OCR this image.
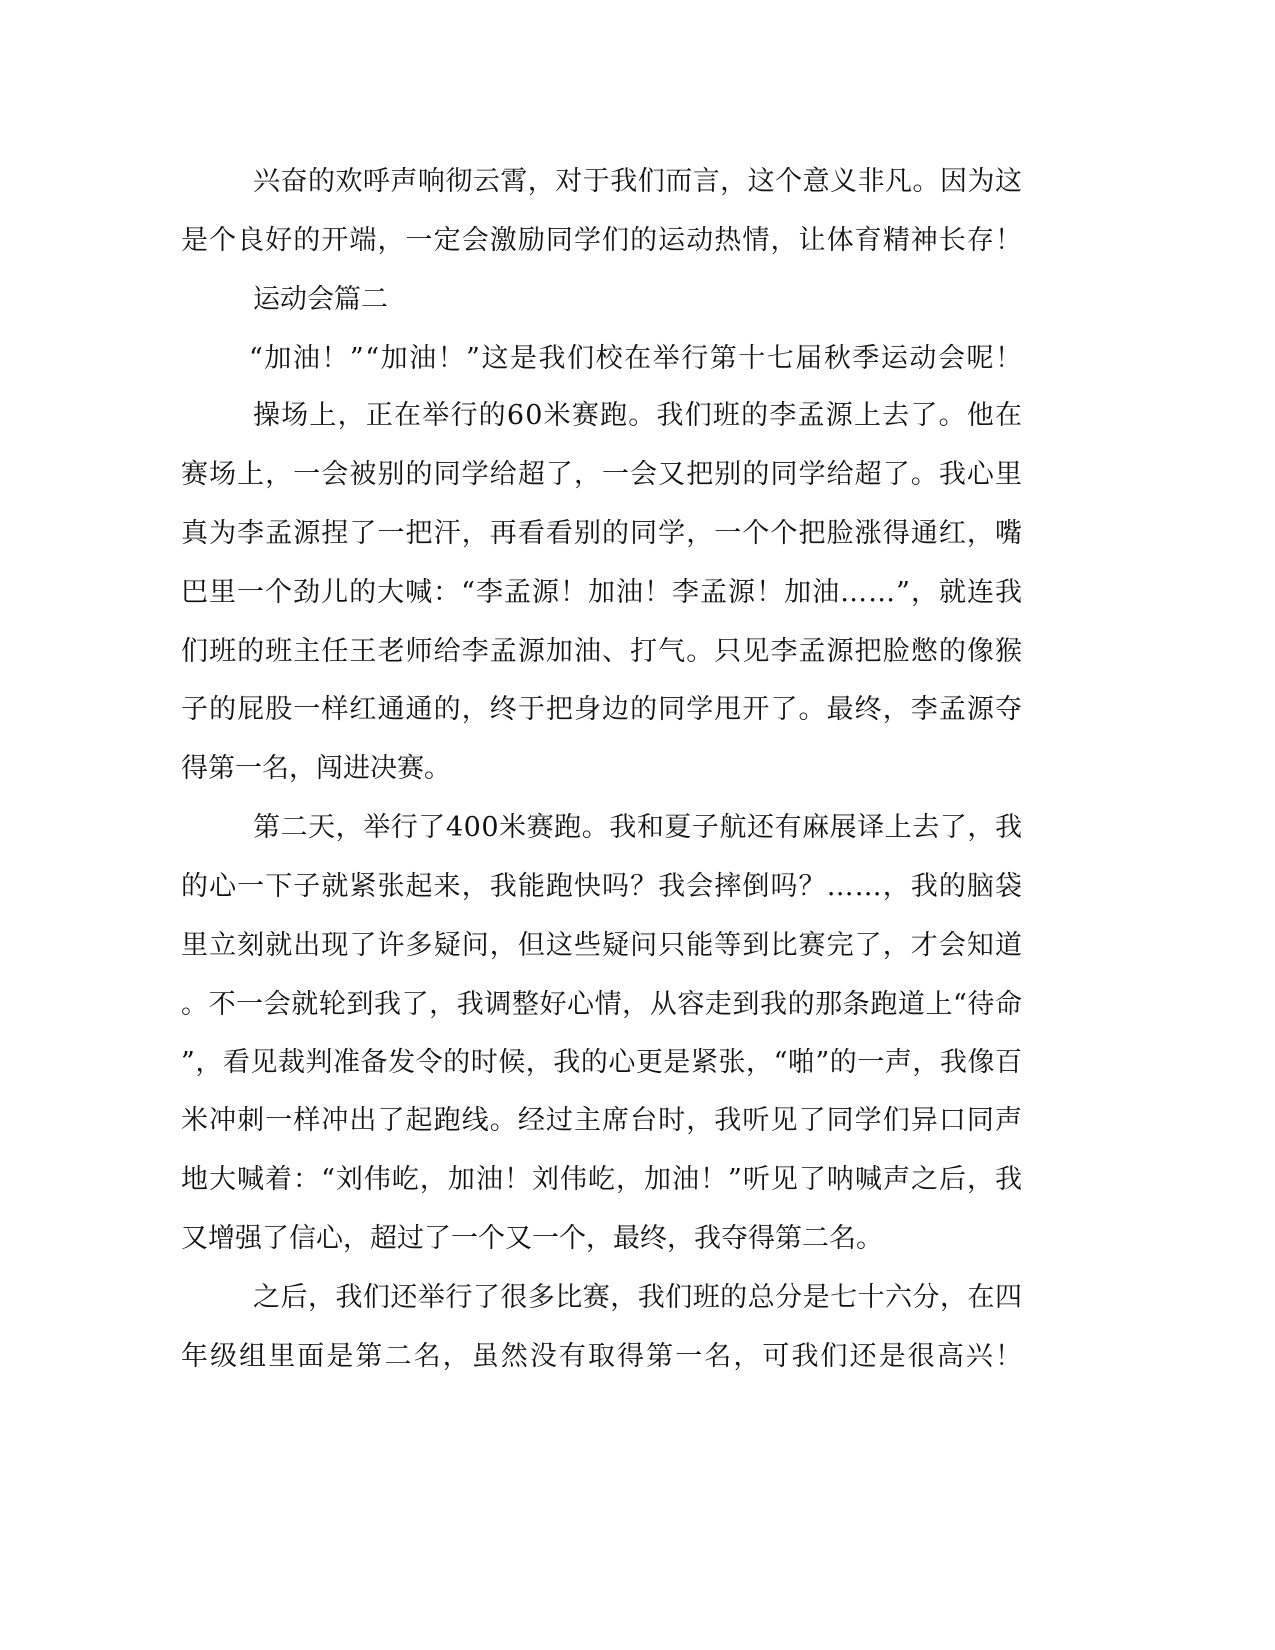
兴奋的欢呼声响彻云霄，对于我们而言，这个意义非凡。因为这

是个良好的开端，一定会激励同学们的运动热情，让体育精神长存！

运动会篇二

“加油！”“加油！”这是我们校在举行第十七届秋季运动会呢！

操场上，正在举行的60米赛跑。我们班的李孟源上去了。他在

赛场上，一会被别的同学给超了，一会又把别的同学给超了。我心里

真为李孟源捏了一把汗，再看看别的同学，一个个把脸涨得通红，嘴

巴里一个劲儿的大喊：“李孟源！加油！李孟源！加油……”，就连我

们班的班主任王老师给李孟源加油、打气。只见李孟源把脸憋的像猴

子的屁股一样红通通的，终于把身边的同学甩开了。最终，李孟源夺

得第一名，闯进决赛。

第二天，举行了400米赛跑。我和夏子航还有麻展译上去了，我

的心一下子就紧张起来，我能跑快吗？我会摔倒吗？……，我的脑袋

里立刻就出现了许多疑问，但这些疑问只能等到比赛完了，才会知道

。不一会就轮到我了，我调整好心情，从容走到我的那条跑道上“待命

”，看见裁判准备发令的时候，我的心更是紧张，“啪”的一声，我像百

米冲刺一样冲出了起跑线。经过主席台时，我听见了同学们异口同声

地大喊着：“刘伟屹，加油！刘伟屹，加油！”听见了呐喊声之后，我

又增强了信心，超过了一个又一个，最终，我夺得第二名。

之后，我们还举行了很多比赛，我们班的总分是七十六分，在四

年级组里面是第二名，虽然没有取得第一名，可我们还是很高兴！
